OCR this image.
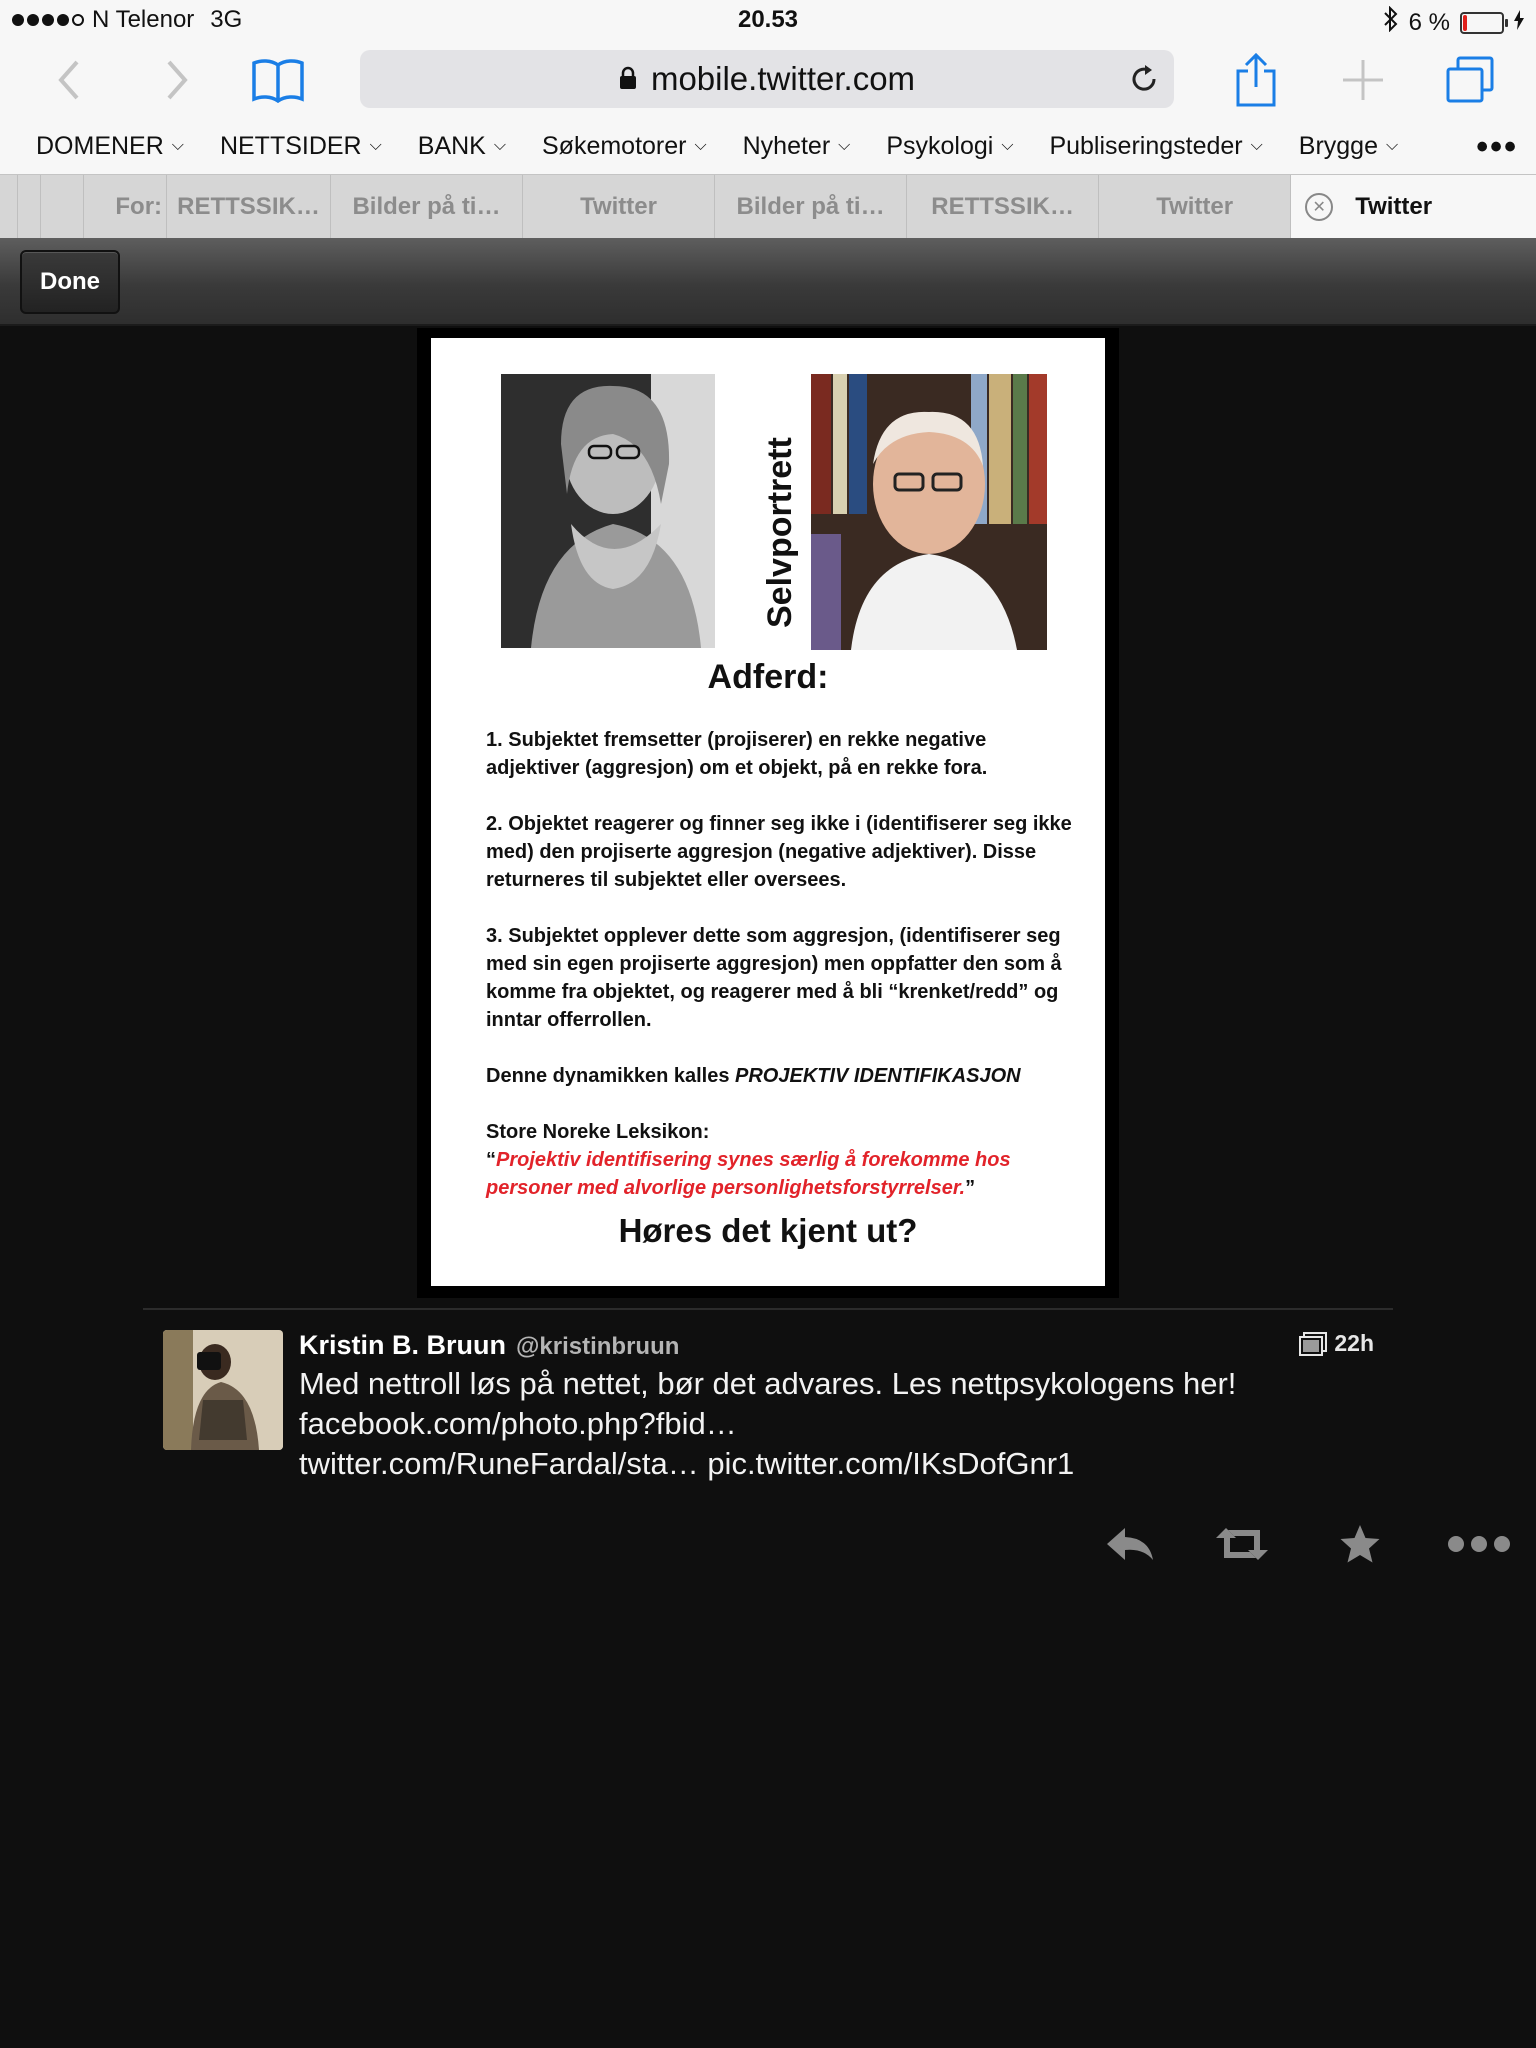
N Telenor 3G	20.53	6 %
mobile.twitter.com
DOMENER ⌵ NETTSIDER ⌵ BANK ⌵ Søkemotorer ⌵ Nyheter ⌵ Psykologi ⌵ Publiseringsteder ⌵ Brygge ⌵ •••
For: RETTSSIK… Bilder på ti…	Twitter	Bilder på ti… RETTSSIK…	Twitter	✕	Twitter
Done
Selvportrett
Adferd:
1. Subjektet fremsetter (projiserer) en rekke negative adjektiver (aggresjon) om et objekt, på en rekke fora.
2. Objektet reagerer og finner seg ikke i (identifiserer seg ikke med) den projiserte aggresjon (negative adjektiver). Disse returneres til subjektet eller oversees.
3. Subjektet opplever dette som aggresjon, (identifiserer seg med sin egen projiserte aggresjon) men oppfatter den som å komme fra objektet, og reagerer med å bli “krenket/redd” og inntar offerrollen.
Denne dynamikken kalles PROJEKTIV IDENTIFIKASJON
Store Noreke Leksikon:
“Projektiv identifisering synes særlig å forekomme hos personer med alvorlige personlighetsforstyrrelser.”
Høres det kjent ut?
Kristin B. Bruun @kristinbruun	22h
Med nettroll løs på nettet, bør det advares. Les nettpsykologens her!
facebook.com/photo.php?fbid…
twitter.com/RuneFardal/sta… pic.twitter.com/IKsDofGnr1
